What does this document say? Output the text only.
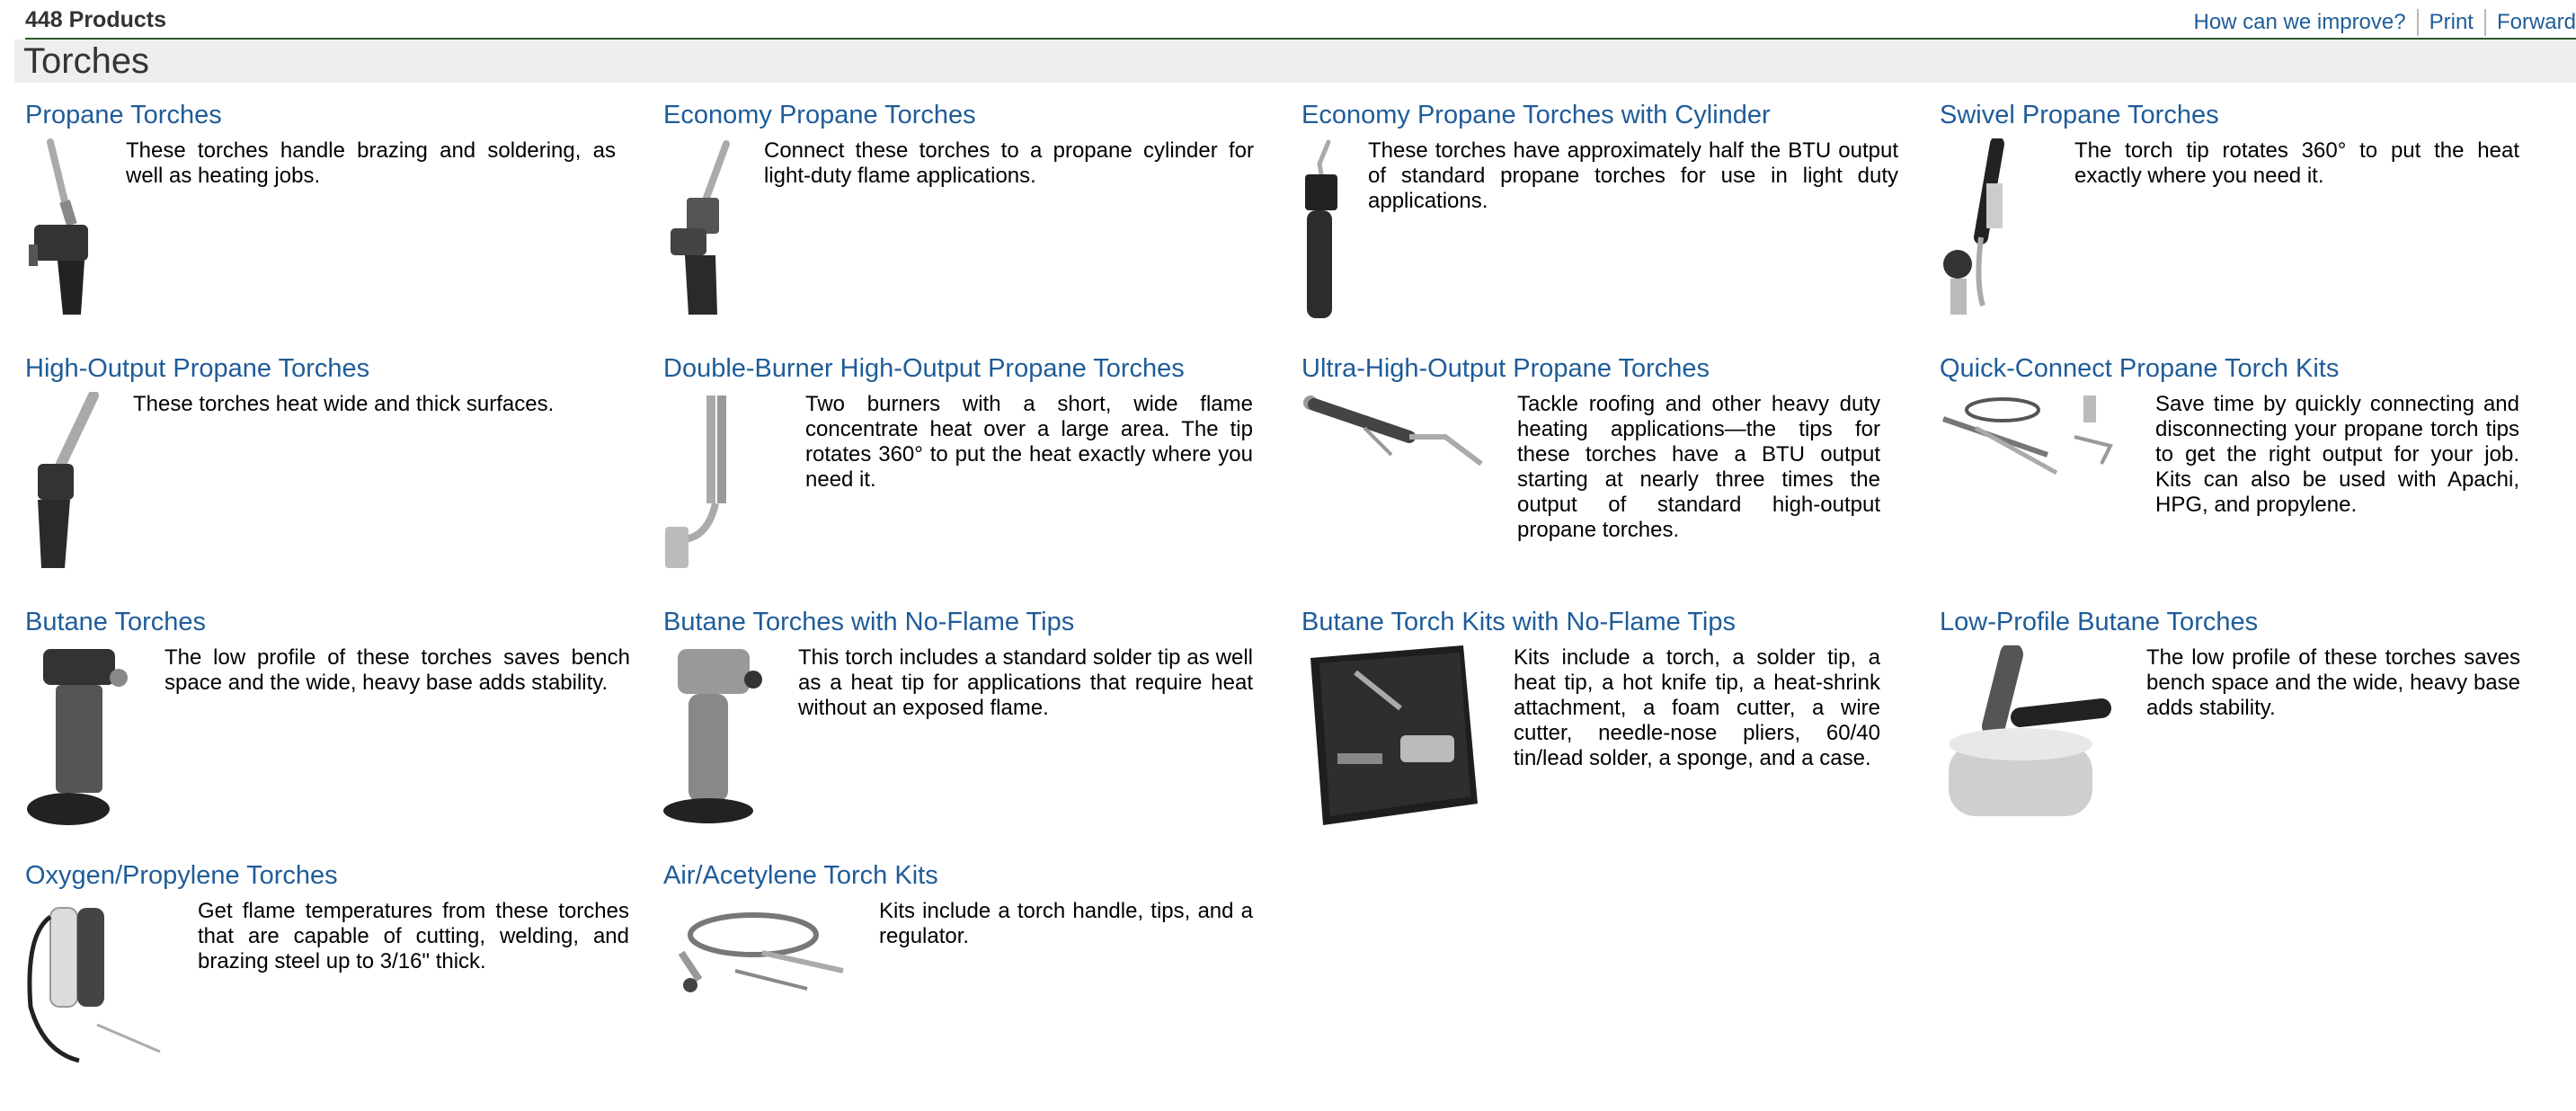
448 Products	How can we improve?	Print	Forward
Torches
Propane Torches

These torches handle brazing and soldering, as well as heating jobs.

Economy Propane Torches

Connect these torches to a propane cylinder for light-duty flame applications.

Economy Propane Torches with Cylinder

These torches have approximately half the BTU output of standard propane torches for use in light duty applications.

Swivel Propane Torches

The torch tip rotates 360° to put the heat exactly where you need it.

High-Output Propane Torches

These torches heat wide and thick surfaces.

Double-Burner High-Output Propane Torches

Two burners with a short, wide flame concentrate heat over a large area. The tip rotates 360° to put the heat exactly where you need it.

Ultra-High-Output Propane Torches

Tackle roofing and other heavy duty heating applications—the tips for these torches have a BTU output starting at nearly three times the output of standard high-output propane torches.

Quick-Connect Propane Torch Kits

Save time by quickly connecting and disconnecting your propane torch tips to get the right output for your job. Kits can also be used with Apachi, HPG, and propylene.

Butane Torches

The low profile of these torches saves bench space and the wide, heavy base adds stability.

Butane Torches with No-Flame Tips

This torch includes a standard solder tip as well as a heat tip for applications that require heat without an exposed flame.

Butane Torch Kits with No-Flame Tips

Kits include a torch, a solder tip, a heat tip, a hot knife tip, a heat-shrink attachment, a foam cutter, a wire cutter, needle-nose pliers, 60/40 tin/lead solder, a sponge, and a case.

Low-Profile Butane Torches

The low profile of these torches saves bench space and the wide, heavy base adds stability.

Oxygen/Propylene Torches

Get flame temperatures from these torches that are capable of cutting, welding, and brazing steel up to 3/16" thick.

Air/Acetylene Torch Kits

Kits include a torch handle, tips, and a regulator.
